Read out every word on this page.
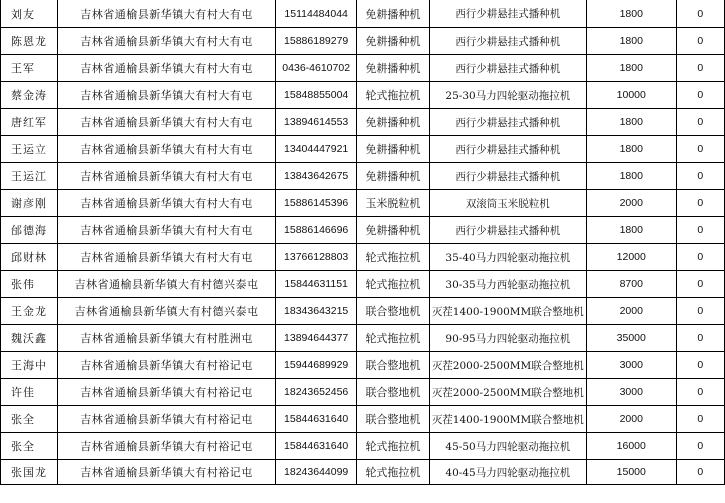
刘友	吉林省通榆县新华镇大有村大有屯	15114484044	免耕播种机	西行少耕悬挂式播种机	1800	0
陈恩龙	吉林省通榆县新华镇大有村大有屯	15886189279	免耕播种机	西行少耕悬挂式播种机	1800	0
王军	吉林省通榆县新华镇大有村大有屯	0436-4610702	免耕播种机	西行少耕悬挂式播种机	1800	0
蔡金涛	吉林省通榆县新华镇大有村大有屯	15848855004	轮式拖拉机	25-30马力四轮驱动拖拉机	10000	0
唐红军	吉林省通榆县新华镇大有村大有屯	13894614553	免耕播种机	西行少耕悬挂式播种机	1800	0
王运立	吉林省通榆县新华镇大有村大有屯	13404447921	免耕播种机	西行少耕悬挂式播种机	1800	0
王运江	吉林省通榆县新华镇大有村大有屯	13843642675	免耕播种机	西行少耕悬挂式播种机	1800	0
谢彦刚	吉林省通榆县新华镇大有村大有屯	15886145396	玉米脱粒机	双滚筒玉米脱粒机	2000	0
邰德海	吉林省通榆县新华镇大有村大有屯	15886146696	免耕播种机	西行少耕悬挂式播种机	1800	0
邱财林	吉林省通榆县新华镇大有村大有屯	13766128803	轮式拖拉机	35-40马力四轮驱动拖拉机	12000	0
张伟	吉林省通榆县新华镇大有村德兴泰屯	15844631151	轮式拖拉机	30-35马力西轮驱动拖拉机	8700	0
王金龙	吉林省通榆县新华镇大有村德兴泰屯	18343643215	联合整地机	灭茬1400-1900MM联合整地机	2000	0
魏沃鑫	吉林省通榆县新华镇大有村胜洲屯	13894644377	轮式拖拉机	90-95马力四轮驱动拖拉机	35000	0
王海中	吉林省通榆县新华镇大有村裕记屯	15944689929	联合整地机	灭茬2000-2500MM联合整地机	3000	0
许佳	吉林省通榆县新华镇大有村裕记屯	18243652456	联合整地机	灭茬2000-2500MM联合整地机	3000	0
张全	吉林省通榆县新华镇大有村裕记屯	15844631640	联合整地机	灭茬1400-1900MM联合整地机	2000	0
张全	吉林省通榆县新华镇大有村裕记屯	15844631640	轮式拖拉机	45-50马力四轮驱动拖拉机	16000	0
张国龙	吉林省通榆县新华镇大有村裕记屯	18243644099	轮式拖拉机	40-45马力四轮驱动拖拉机	15000	0
